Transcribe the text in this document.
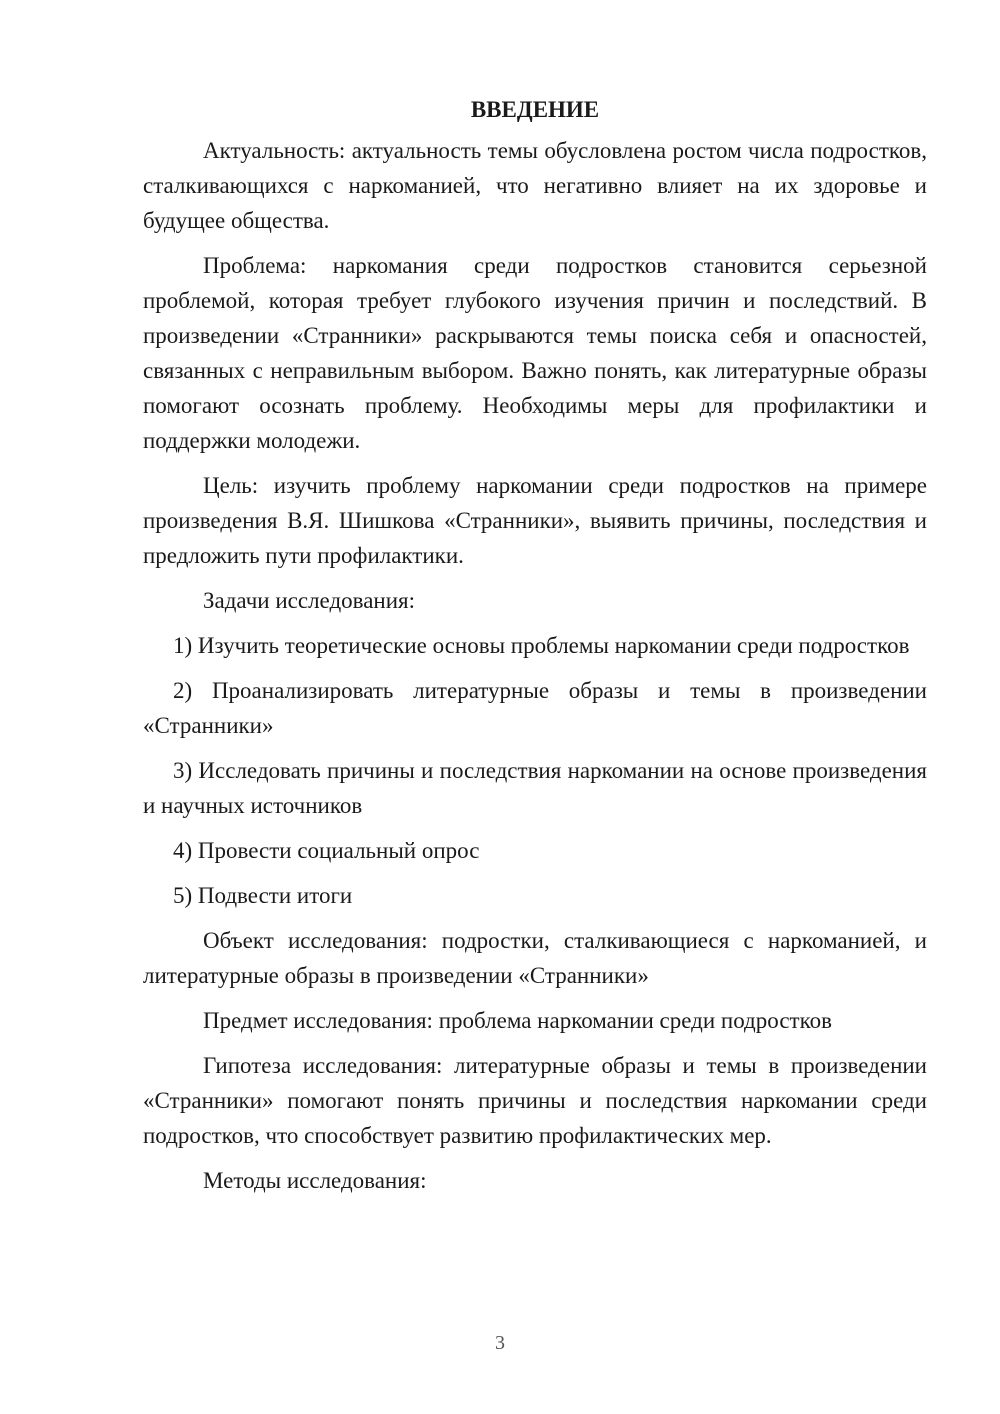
ВВЕДЕНИЕ

Актуальность: актуальность темы обусловлена ростом числа подростков, сталкивающихся с наркоманией, что негативно влияет на их здоровье и будущее общества.

Проблема: наркомания среди подростков становится серьезной проблемой, которая требует глубокого изучения причин и последствий. В произведении «Странники» раскрываются темы поиска себя и опасностей, связанных с неправильным выбором. Важно понять, как литературные образы помогают осознать проблему. Необходимы меры для профилактики и поддержки молодежи.

Цель: изучить проблему наркомании среди подростков на примере произведения В.Я. Шишкова «Странники», выявить причины, последствия и предложить пути профилактики.

Задачи исследования:

1) Изучить теоретические основы проблемы наркомании среди подростков

2) Проанализировать литературные образы и темы в произведении «Странники»

3) Исследовать причины и последствия наркомании на основе произведения и научных источников

4) Провести социальный опрос

5) Подвести итоги

Объект исследования: подростки, сталкивающиеся с наркоманией, и литературные образы в произведении «Странники»

Предмет исследования: проблема наркомании среди подростков

Гипотеза исследования: литературные образы и темы в произведении «Странники» помогают понять причины и последствия наркомании среди подростков, что способствует развитию профилактических мер.

Методы исследования:

3
